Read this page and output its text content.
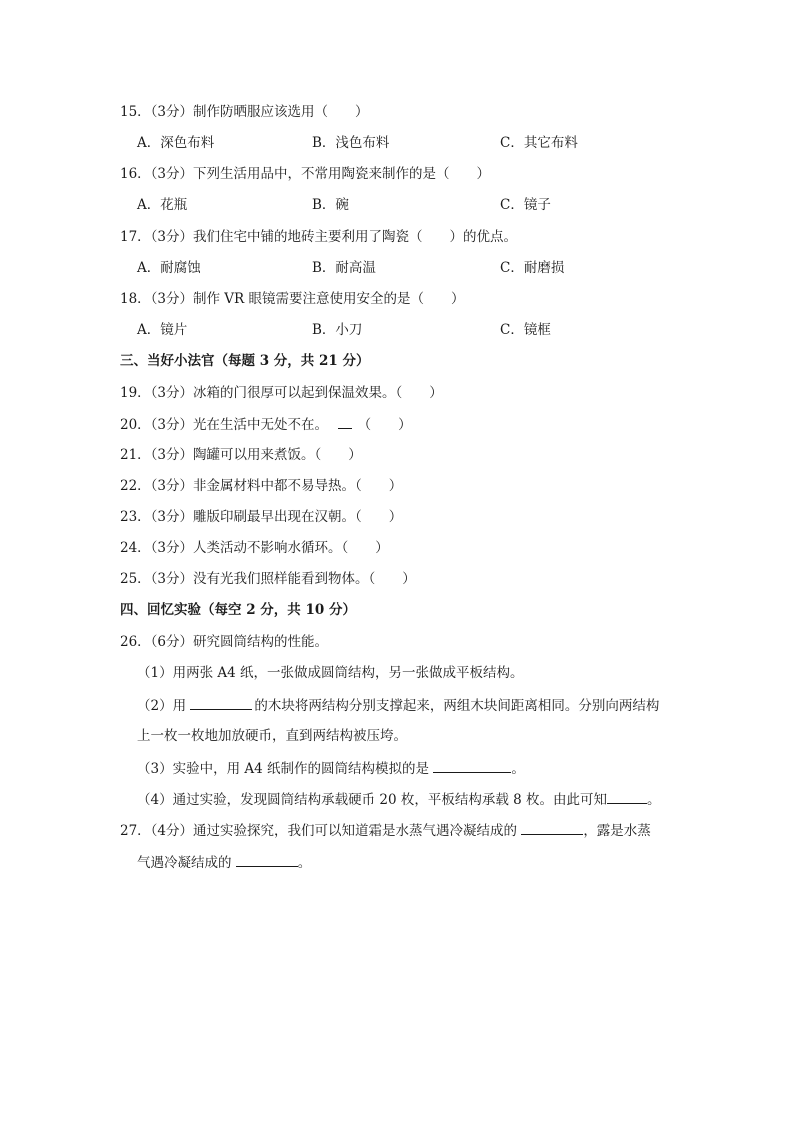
15．（3分）制作防晒服应该选用（　　）
A．深色布料	B．浅色布料	C．其它布料
16．（3分）下列生活用品中，不常用陶瓷来制作的是（　　）
A．花瓶	B．碗	C．镜子
17．（3分）我们住宅中铺的地砖主要利用了陶瓷（　　）的优点。
A．耐腐蚀	B．耐高温	C．耐磨损
18．（3分）制作 VR 眼镜需要注意使用安全的是（　　）
A．镜片	B．小刀	C．镜框
三、当好小法官（每题 3 分，共 21 分）
19．（3分）冰箱的门很厚可以起到保温效果。（　　）
20．（3分）光在生活中无处不在。 （　　）
21．（3分）陶罐可以用来煮饭。（　　）
22．（3分）非金属材料中都不易导热。（　　）
23．（3分）雕版印刷最早出现在汉朝。（　　）
24．（3分）人类活动不影响水循环。（　　）
25．（3分）没有光我们照样能看到物体。（　　）
四、回忆实验（每空 2 分，共 10 分）
26．（6分）研究圆筒结构的性能。
（1）用两张 A4 纸，一张做成圆筒结构，另一张做成平板结构。
（2）用	的木块将两结构分别支撑起来，两组木块间距离相同。分别向两结构
上一枚一枚地加放硬币，直到两结构被压垮。
（3）实验中，用 A4 纸制作的圆筒结构模拟的是	。
（4）通过实验，发现圆筒结构承载硬币 20 枚，平板结构承载 8 枚。由此可知	。
27．（4分）通过实验探究，我们可以知道霜是水蒸气遇冷凝结成的	，露是水蒸
气遇冷凝结成的	。
